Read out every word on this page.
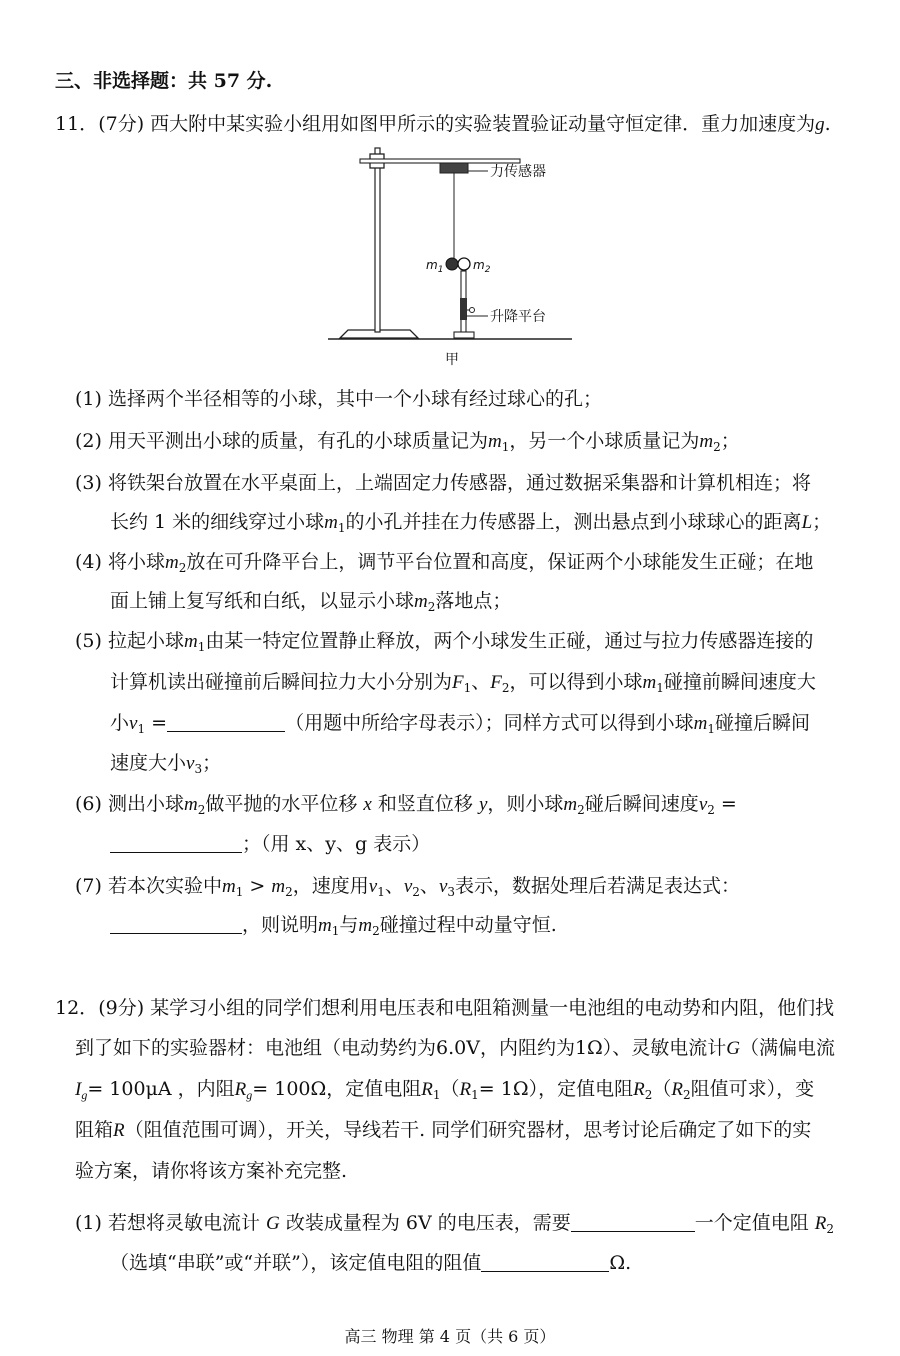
三、非选择题：共 57 分.
11．(7分) 西大附中某实验小组用如图甲所示的实验装置验证动量守恒定律．重力加速度为g.
力传感器
$m_1$ $m_2$
升降平台
甲
(1) 选择两个半径相等的小球，其中一个小球有经过球心的孔；
(2) 用天平测出小球的质量，有孔的小球质量记为$m_1$，另一个小球质量记为$m_2$；
(3) 将铁架台放置在水平桌面上，上端固定力传感器，通过数据采集器和计算机相连；将
长约 1 米的细线穿过小球$m_1$的小孔并挂在力传感器上，测出悬点到小球球心的距离L；
(4) 将小球$m_2$放在可升降平台上，调节平台位置和高度，保证两个小球能发生正碰；在地
面上铺上复写纸和白纸，以显示小球$m_2$落地点；
(5) 拉起小球$m_1$由某一特定位置静止释放，两个小球发生正碰，通过与拉力传感器连接的
计算机读出碰撞前后瞬间拉力大小分别为$F_1$、$F_2$，可以得到小球$m_1$碰撞前瞬间速度大
小$v_1$ =	（用题中所给字母表示）；同样方式可以得到小球$m_1$碰撞后瞬间
速度大小$v_3$；
(6) 测出小球$m_2$做平抛的水平位移 x 和竖直位移 y，则小球$m_2$碰后瞬间速度$v_2$ =
；（用 x、y、g 表示）
(7) 若本次实验中$m_1 > m_2$，速度用$v_1$、$v_2$、$v_3$表示，数据处理后若满足表达式：
，则说明$m_1$与$m_2$碰撞过程中动量守恒.
12．(9分) 某学习小组的同学们想利用电压表和电阻箱测量一电池组的电动势和内阻，他们找
到了如下的实验器材：电池组（电动势约为6.0V，内阻约为1Ω）、灵敏电流计G（满偏电流
$I_g= 100\mu A$ ，内阻$R_g= 100\Omega$，定值电阻$R_1(R_1= 1\Omega)$，定值电阻$R_2(R_2$阻值可求），变
阻箱R（阻值范围可调），开关，导线若干. 同学们研究器材，思考讨论后确定了如下的实
验方案，请你将该方案补充完整.
(1) 若想将灵敏电流计 G 改装成量程为 6V 的电压表，需要	一个定值电阻 $R_2$
（选填“串联”或“并联”），该定值电阻的阻值	Ω.
高三 物理 第 4 页（共 6 页）
